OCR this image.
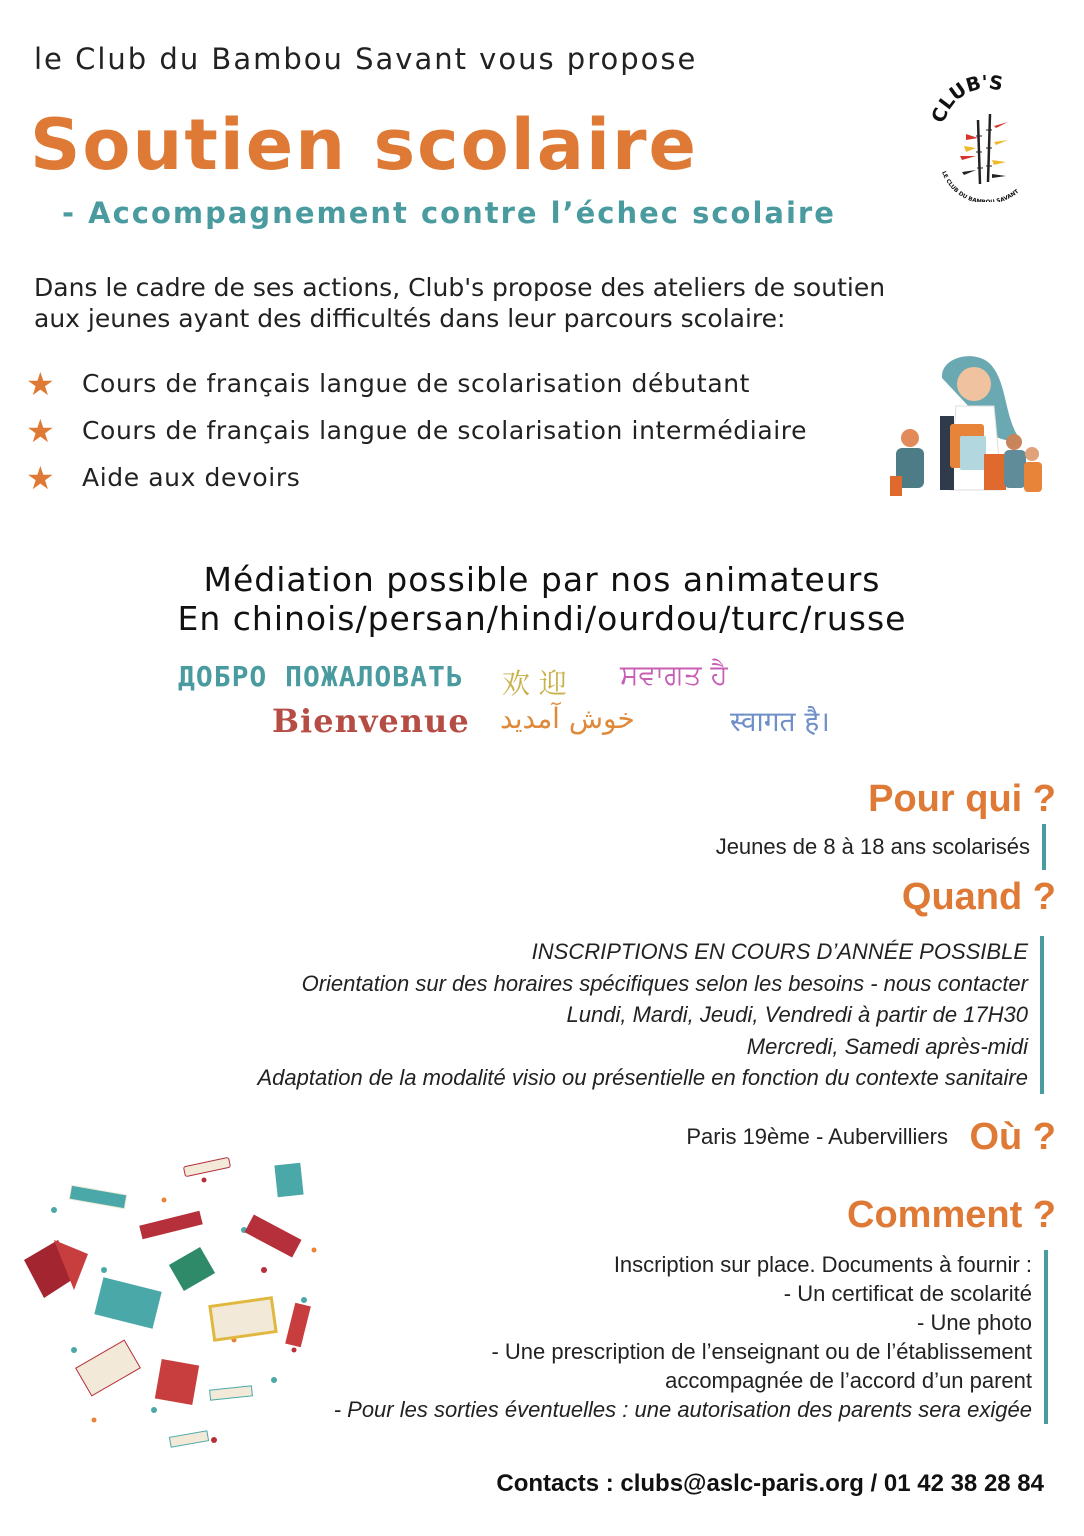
le Club du Bambou Savant vous propose
Soutien scolaire
- Accompagnement contre l’échec scolaire
CLUB'S
LE CLUB DU BA SAVANT
Dans le cadre de ses actions, Club's propose des ateliers de soutien
aux jeunes ayant des difficultés dans leur parcours scolaire:
★	Cours de français langue de scolarisation débutant
★	Cours de français langue de scolarisation intermédiaire
★	Aide aux devoirs
Médiation possible par nos animateurs
En chinois/persan/hindi/ourdou/turc/russe
ДОБРО ПОЖАЛОВАТЬ 欢 迎 ਸਵਾਗਤ ਹੈ
Bienvenue خوش آمدید	स्वागत है।
Pour qui ?
Jeunes de 8 à 18 ans scolarisés
Quand ?
INSCRIPTIONS EN COURS D’ANNÉE POSSIBLE
Orientation sur des horaires spécifiques selon les besoins - nous contacter
Lundi, Mardi, Jeudi, Vendredi à partir de 17H30
Mercredi, Samedi après-midi
Adaptation de la modalité visio ou présentielle en fonction du contexte sanitaire
Paris 19ème - Aubervilliers Où ?
Comment ?
Inscription sur place. Documents à fournir :
- Un certificat de scolarité
- Une photo
- Une prescription de l’enseignant ou de l’établissement
accompagnée de l’accord d’un parent
- Pour les sorties éventuelles : une autorisation des parents sera exigée
Contacts : clubs@aslc-paris.org / 01 42 38 28 84
